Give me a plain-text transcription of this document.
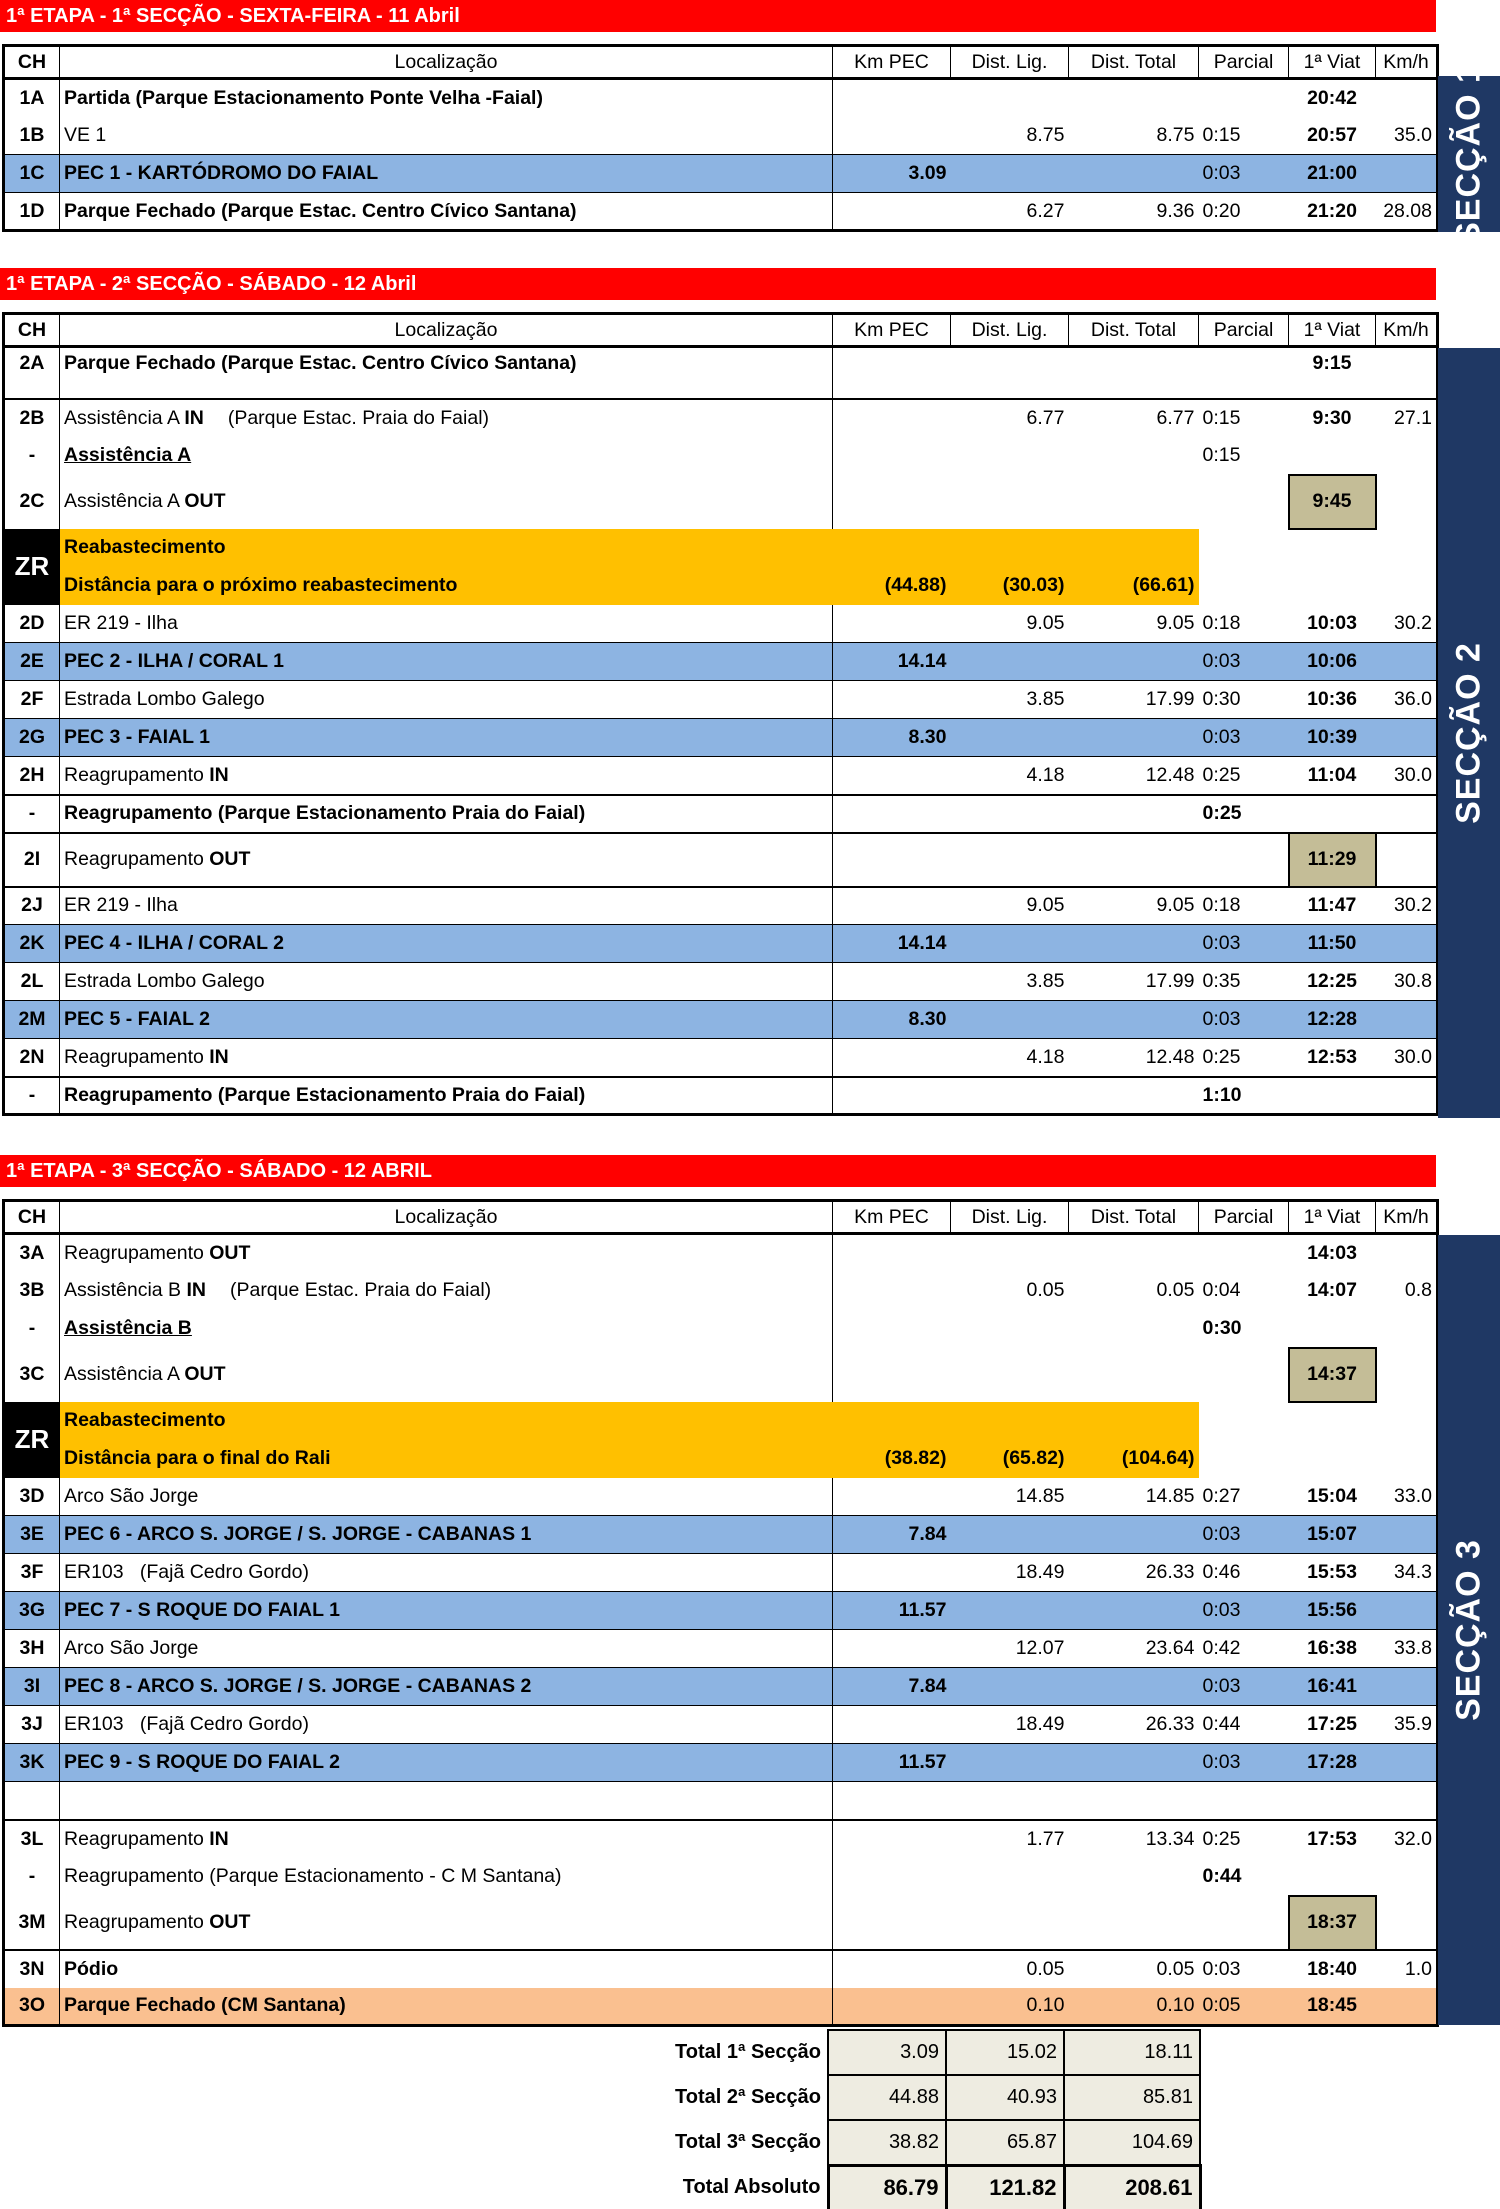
1ª ETAPA - 1ª SECÇÃO - SEXTA-FEIRA - 11 Abril
CH	Localização	Km PEC	Dist. Lig.	Dist. Total	Parcial	1ª Viat	Km/h
1A	Partida (Parque Estacionamento Ponte Velha -Faial)					20:42	
1B	VE 1		8.75	8.75	0:15	20:57	35.0
1C	PEC 1 - KARTÓDROMO DO FAIAL	3.09			0:03	21:00	
1D	Parque Fechado (Parque Estac. Centro Cívico Santana)		6.27	9.36	0:20	21:20	28.08 SECÇÃO 1
1ª ETAPA - 2ª SECÇÃO - SÁBADO - 12 Abril
CH	Localização	Km PEC	Dist. Lig.	Dist. Total	Parcial	1ª Viat	Km/h
2A	Parque Fechado (Parque Estac. Centro Cívico Santana)					9:15	
2B	Assistência A IN (Parque Estac. Praia do Faial)		6.77	6.77	0:15	9:30	27.1
-	Assistência A				0:15		
2C	Assistência A OUT					9:45	
ZR	Reabastecimento						
	Distância para o próximo reabastecimento	(44.88)	(30.03)	(66.61)			
2D	ER 219 - Ilha		9.05	9.05	0:18	10:03	30.2
2E	PEC 2 - ILHA / CORAL 1	14.14			0:03	10:06	
2F	Estrada Lombo Galego		3.85	17.99	0:30	10:36	36.0
2G	PEC 3 - FAIAL 1	8.30			0:03	10:39	
2H	Reagrupamento IN		4.18	12.48	0:25	11:04	30.0
-	Reagrupamento (Parque Estacionamento Praia do Faial)				0:25		
2I	Reagrupamento OUT					11:29	
2J	ER 219 - Ilha		9.05	9.05	0:18	11:47	30.2
2K	PEC 4 - ILHA / CORAL 2	14.14			0:03	11:50	
2L	Estrada Lombo Galego		3.85	17.99	0:35	12:25	30.8
2M	PEC 5 - FAIAL 2	8.30			0:03	12:28	
2N	Reagrupamento IN		4.18	12.48	0:25	12:53	30.0
-	Reagrupamento (Parque Estacionamento Praia do Faial)				1:10		
SECÇÃO 2
1ª ETAPA - 3ª SECÇÃO - SÁBADO - 12 ABRIL
CH	Localização	Km PEC	Dist. Lig.	Dist. Total	Parcial	1ª Viat	Km/h
3A	Reagrupamento OUT					14:03	
3B	Assistência B IN (Parque Estac. Praia do Faial)		0.05	0.05	0:04	14:07	0.8
-	Assistência B				0:30		
3C	Assistência A OUT					14:37	
ZR	Reabastecimento						
	Distância para o final do Rali	(38.82)	(65.82)	(104.64)			
3D	Arco São Jorge		14.85	14.85	0:27	15:04	33.0
3E	PEC 6 - ARCO S. JORGE / S. JORGE - CABANAS 1	7.84			0:03	15:07	
3F	ER103   (Fajã Cedro Gordo)		18.49	26.33	0:46	15:53	34.3
3G	PEC 7 - S ROQUE DO FAIAL 1	11.57			0:03	15:56	
3H	Arco São Jorge		12.07	23.64	0:42	16:38	33.8
3I	PEC 8 - ARCO S. JORGE / S. JORGE - CABANAS 2	7.84			0:03	16:41	
3J	ER103   (Fajã Cedro Gordo)		18.49	26.33	0:44	17:25	35.9
3K	PEC 9 - S ROQUE DO FAIAL 2	11.57			0:03	17:28	

3L	Reagrupamento IN		1.77	13.34	0:25	17:53	32.0
-	Reagrupamento (Parque Estacionamento - C M Santana)				0:44		
3M	Reagrupamento OUT					18:37	
3N	Pódio		0.05	0.05	0:03	18:40	1.0
3O	Parque Fechado (CM Santana)		0.10	0.10	0:05	18:45	
SECÇÃO 3
Total 1ª Secção	3.09	15.02	18.11
Total 2ª Secção	44.88	40.93	85.81
Total 3ª Secção	38.82	65.87	104.69
Total Absoluto	86.79	121.82	208.61
